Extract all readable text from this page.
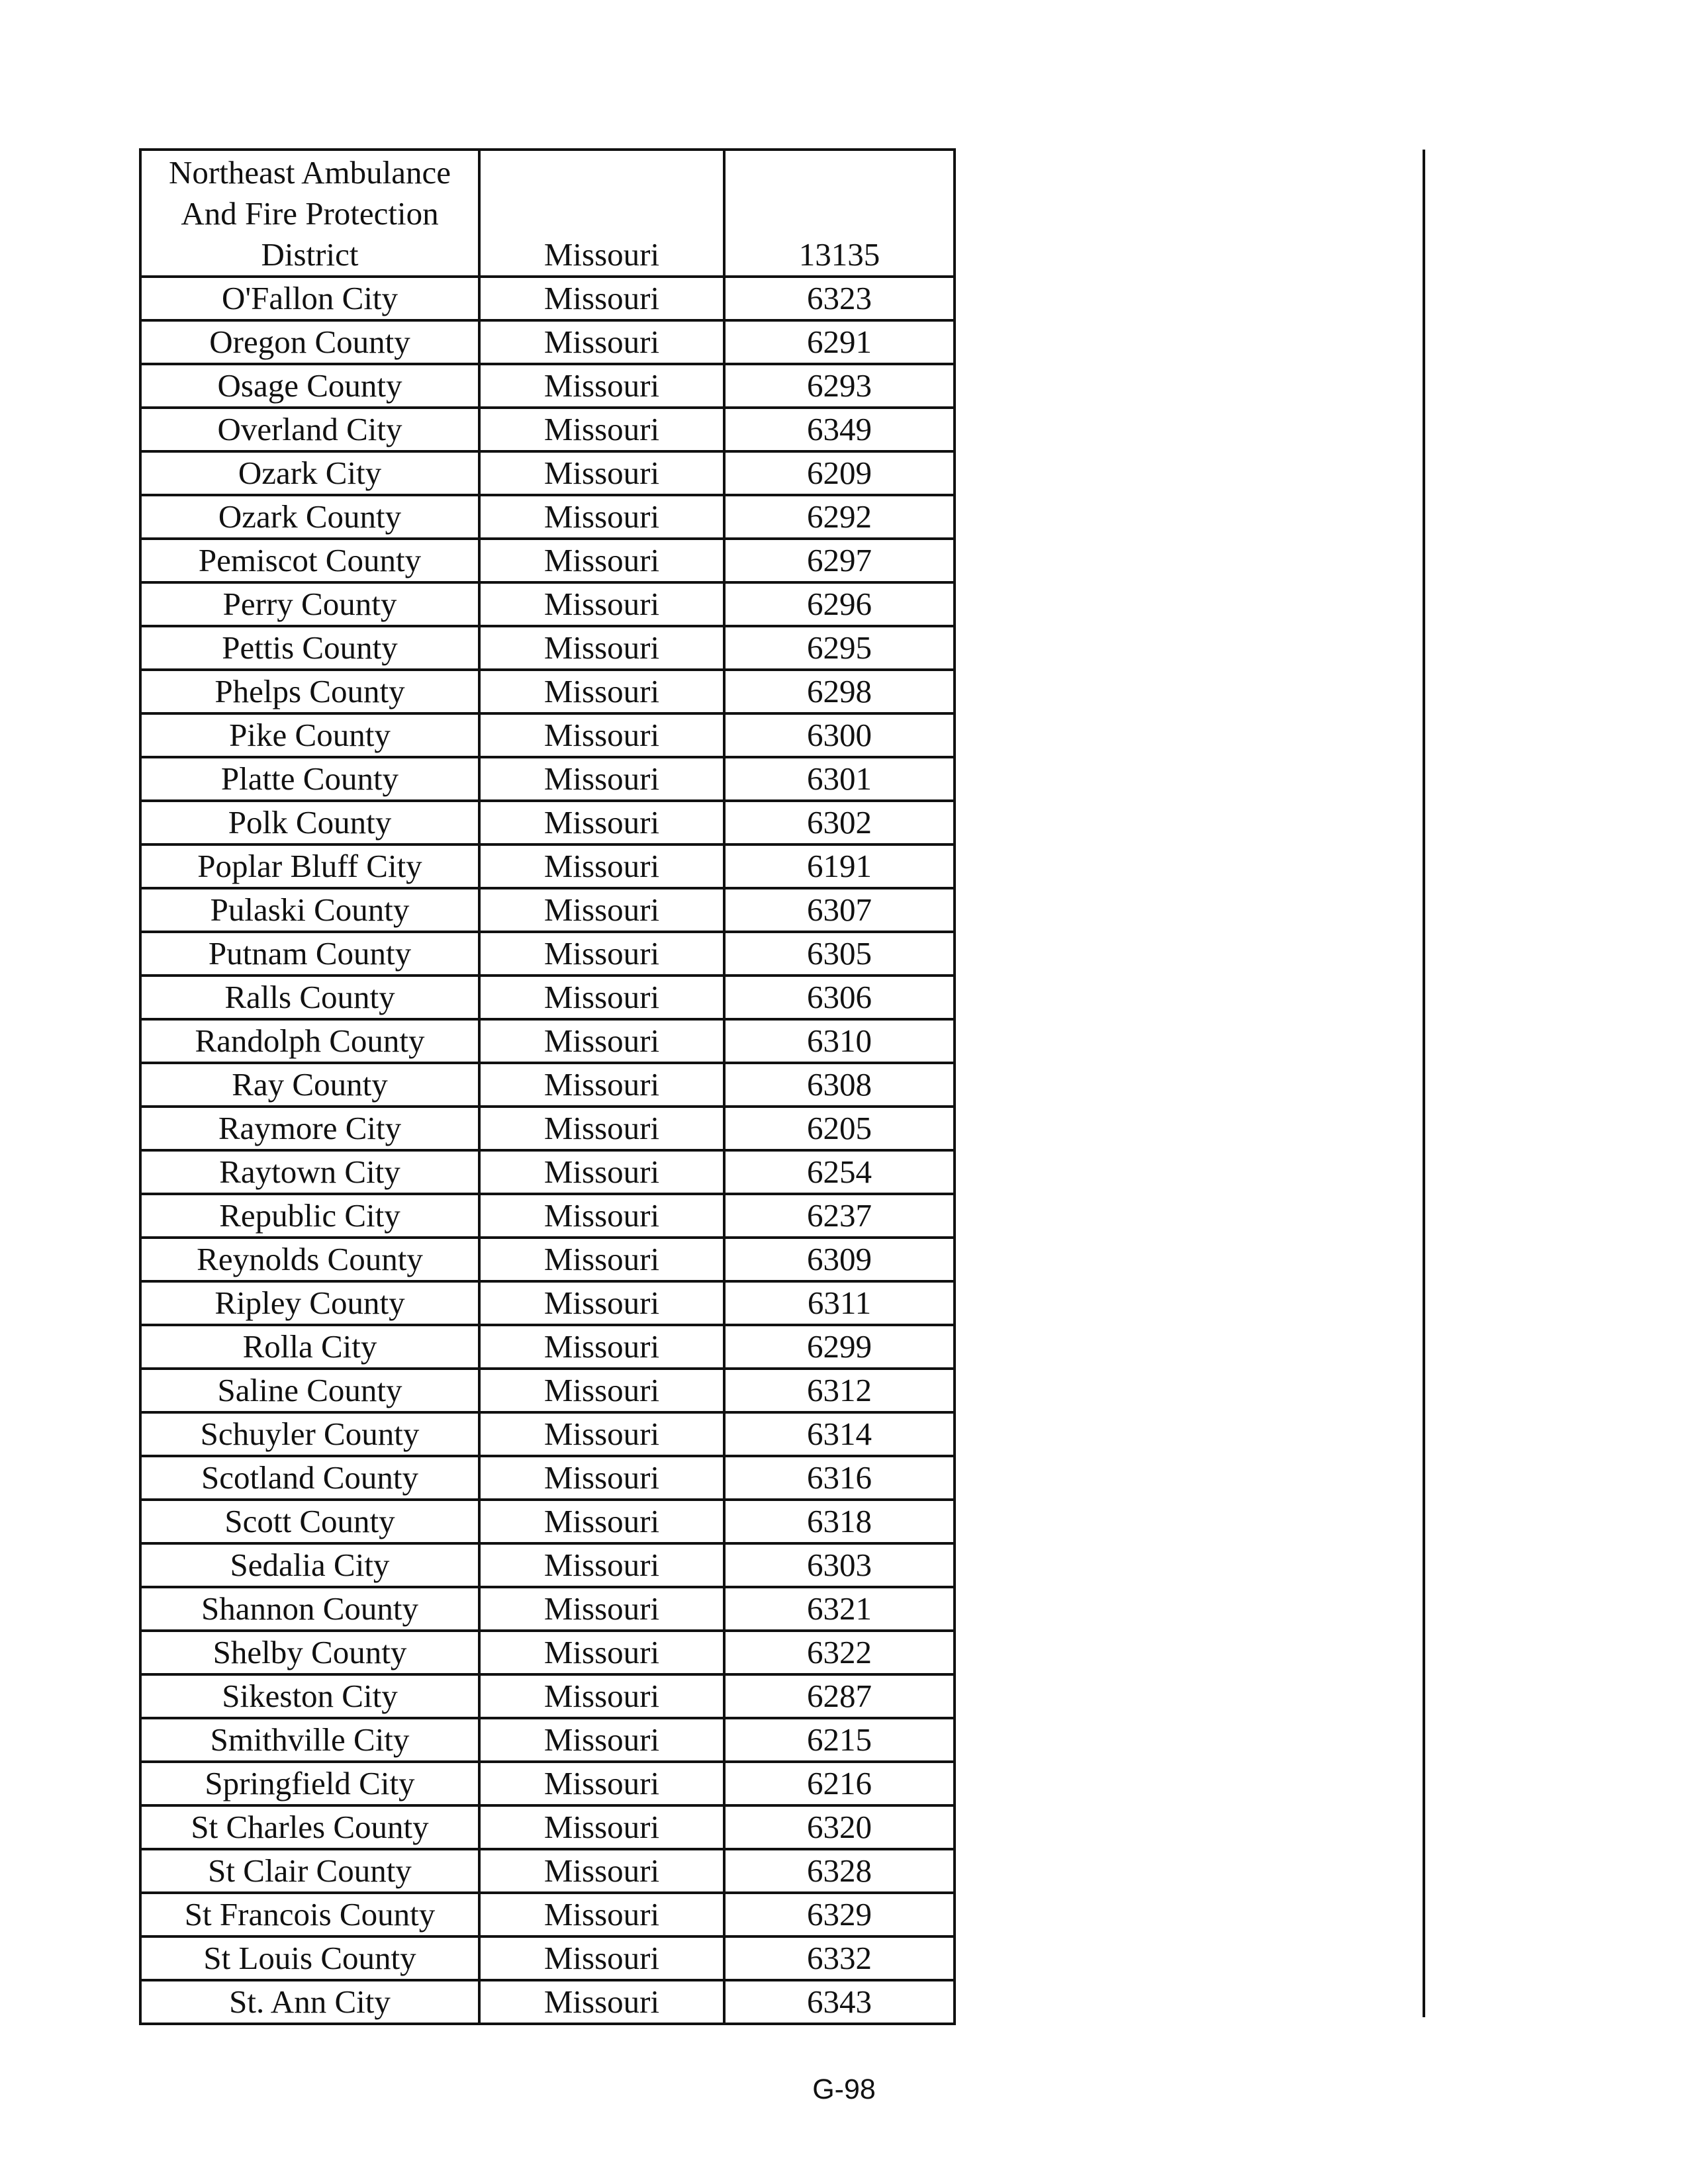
Northeast Ambulance And Fire Protection District	Missouri	13135
O'Fallon City	Missouri	6323
Oregon County	Missouri	6291
Osage County	Missouri	6293
Overland City	Missouri	6349
Ozark City	Missouri	6209
Ozark County	Missouri	6292
Pemiscot County	Missouri	6297
Perry County	Missouri	6296
Pettis County	Missouri	6295
Phelps County	Missouri	6298
Pike County	Missouri	6300
Platte County	Missouri	6301
Polk County	Missouri	6302
Poplar Bluff City	Missouri	6191
Pulaski County	Missouri	6307
Putnam County	Missouri	6305
Ralls County	Missouri	6306
Randolph County	Missouri	6310
Ray County	Missouri	6308
Raymore City	Missouri	6205
Raytown City	Missouri	6254
Republic City	Missouri	6237
Reynolds County	Missouri	6309
Ripley County	Missouri	6311
Rolla City	Missouri	6299
Saline County	Missouri	6312
Schuyler County	Missouri	6314
Scotland County	Missouri	6316
Scott County	Missouri	6318
Sedalia City	Missouri	6303
Shannon County	Missouri	6321
Shelby County	Missouri	6322
Sikeston City	Missouri	6287
Smithville City	Missouri	6215
Springfield City	Missouri	6216
St Charles County	Missouri	6320
St Clair County	Missouri	6328
St Francois County	Missouri	6329
St Louis County	Missouri	6332
St. Ann City	Missouri	6343
G-98
